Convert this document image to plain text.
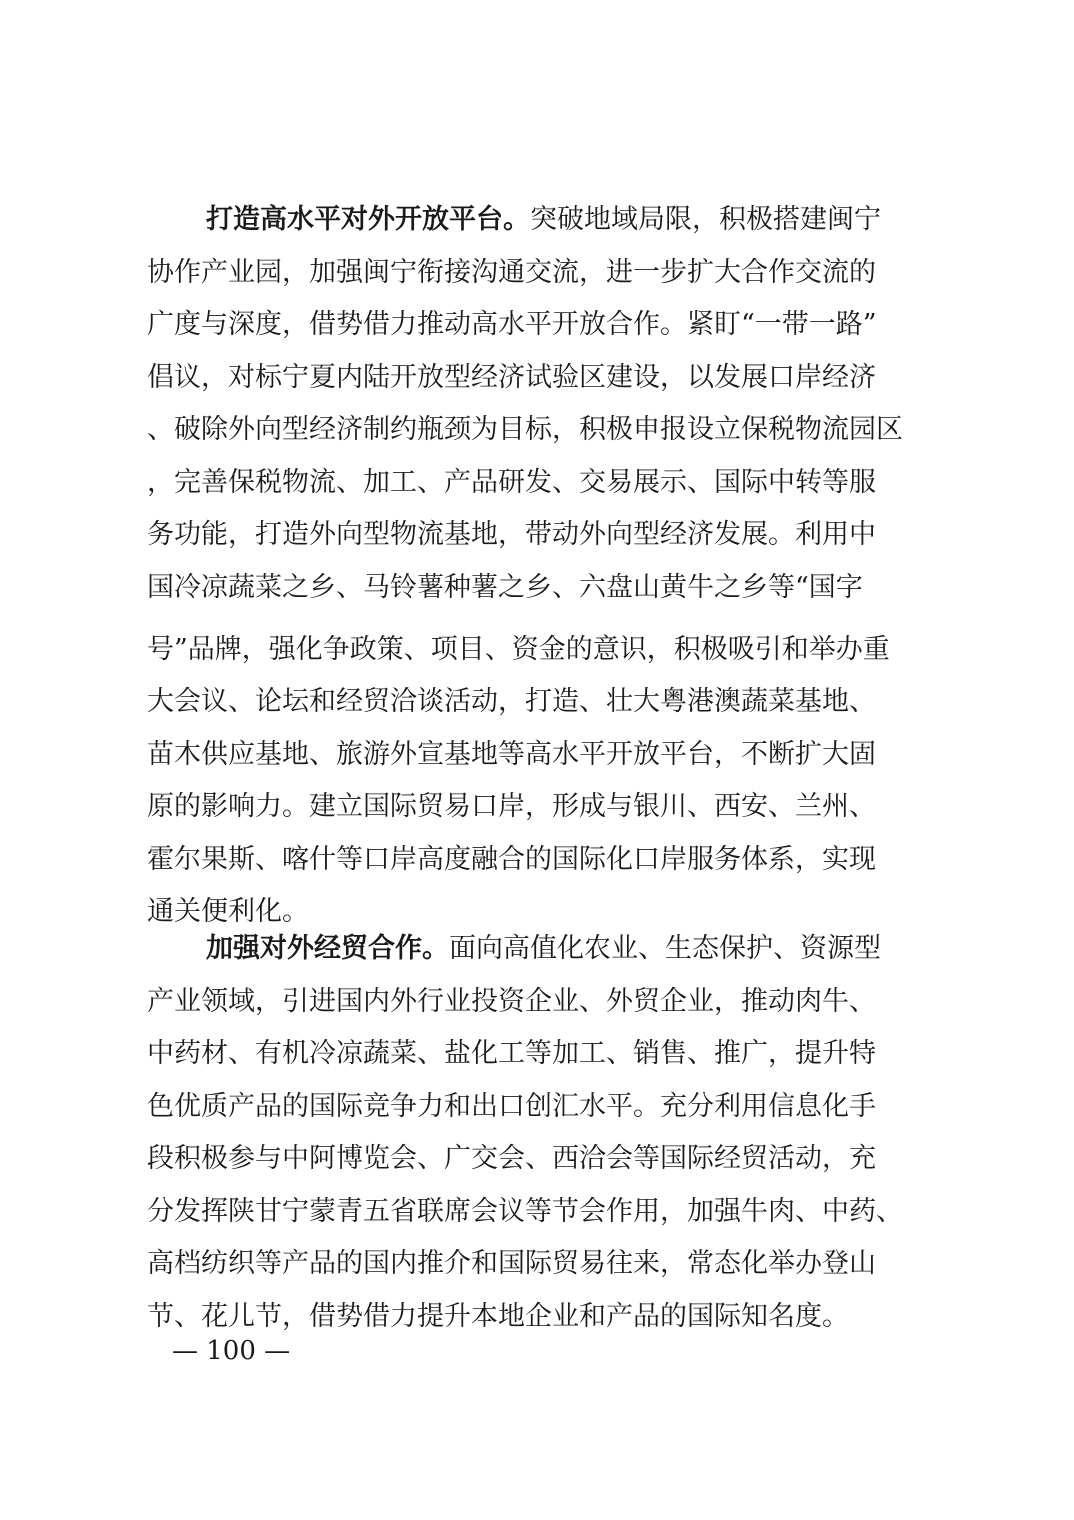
打造高水平对外开放平台。突破地域局限，积极搭建闽宁
协作产业园，加强闽宁衔接沟通交流，进一步扩大合作交流的
广度与深度，借势借力推动高水平开放合作。紧盯“一带一路”
倡议，对标宁夏内陆开放型经济试验区建设，以发展口岸经济
、破除外向型经济制约瓶颈为目标，积极申报设立保税物流园区
，完善保税物流、加工、产品研发、交易展示、国际中转等服
务功能，打造外向型物流基地，带动外向型经济发展。利用中
国冷凉蔬菜之乡、马铃薯种薯之乡、六盘山黄牛之乡等“国字
号”品牌，强化争政策、项目、资金的意识，积极吸引和举办重
大会议、论坛和经贸洽谈活动，打造、壮大粤港澳蔬菜基地、
苗木供应基地、旅游外宣基地等高水平开放平台，不断扩大固
原的影响力。建立国际贸易口岸，形成与银川、西安、兰州、
霍尔果斯、喀什等口岸高度融合的国际化口岸服务体系，实现
通关便利化。
加强对外经贸合作。面向高值化农业、生态保护、资源型
产业领域，引进国内外行业投资企业、外贸企业，推动肉牛、
中药材、有机冷凉蔬菜、盐化工等加工、销售、推广，提升特
色优质产品的国际竞争力和出口创汇水平。充分利用信息化手
段积极参与中阿博览会、广交会、西洽会等国际经贸活动，充
分发挥陕甘宁蒙青五省联席会议等节会作用，加强牛肉、中药、
高档纺织等产品的国内推介和国际贸易往来，常态化举办登山
节、花儿节，借势借力提升本地企业和产品的国际知名度。
— 100 —
